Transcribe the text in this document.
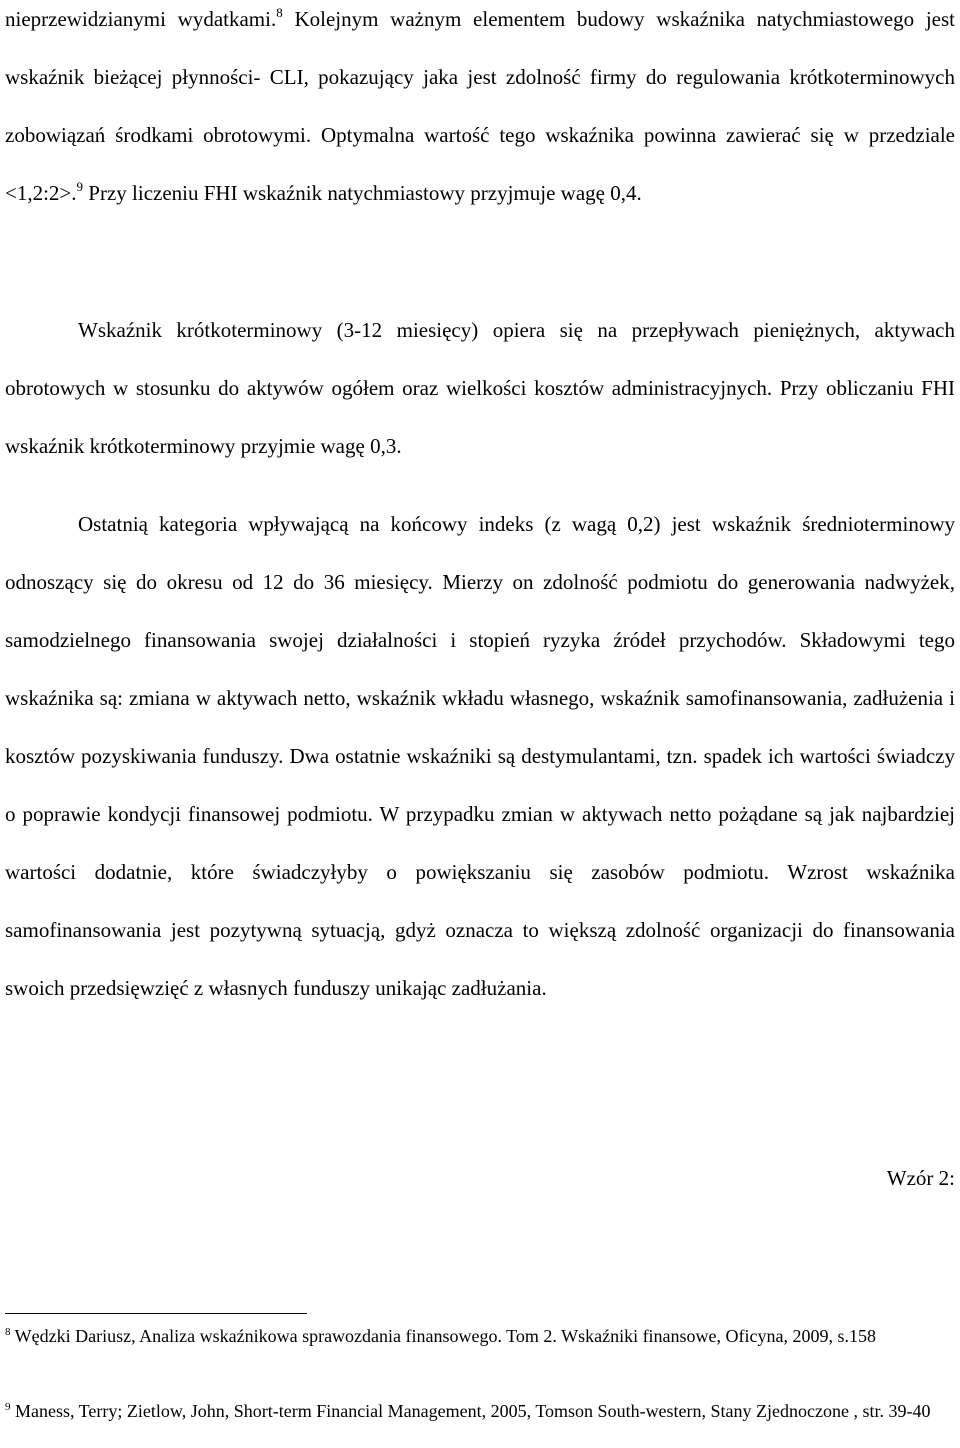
nieprzewidzianymi wydatkami.$^8$ Kolejnym ważnym elementem budowy wskaźnika natychmiastowego jest wskaźnik bieżącej płynności- CLI, pokazujący jaka jest zdolność firmy do regulowania krótkoterminowych zobowiązań środkami obrotowymi. Optymalna wartość tego wskaźnika powinna zawierać się w przedziale <1,2:2>.$^9$ Przy liczeniu FHI wskaźnik natychmiastowy przyjmuje wagę 0,4.

Wskaźnik krótkoterminowy (3-12 miesięcy) opiera się na przepływach pieniężnych, aktywach obrotowych w stosunku do aktywów ogółem oraz wielkości kosztów administracyjnych. Przy obliczaniu FHI wskaźnik krótkoterminowy przyjmie wagę 0,3.

Ostatnią kategoria wpływającą na końcowy indeks (z wagą 0,2) jest wskaźnik średnioterminowy odnoszący się do okresu od 12 do 36 miesięcy. Mierzy on zdolność podmiotu do generowania nadwyżek, samodzielnego finansowania swojej działalności i stopień ryzyka źródeł przychodów. Składowymi tego wskaźnika są: zmiana w aktywach netto, wskaźnik wkładu własnego, wskaźnik samofinansowania, zadłużenia i kosztów pozyskiwania funduszy. Dwa ostatnie wskaźniki są destymulantami, tzn. spadek ich wartości świadczy o poprawie kondycji finansowej podmiotu. W przypadku zmian w aktywach netto pożądane są jak najbardziej wartości dodatnie, które świadczyłyby o powiększaniu się zasobów podmiotu. Wzrost wskaźnika samofinansowania jest pozytywną sytuacją, gdyż oznacza to większą zdolność organizacji do finansowania swoich przedsięwzięć z własnych funduszy unikając zadłużania.

Wzór 2:

$^8$ Wędzki Dariusz, Analiza wskaźnikowa sprawozdania finansowego. Tom 2. Wskaźniki finansowe, Oficyna, 2009, s.158

$^9$ Maness, Terry; Zietlow, John, Short-term Financial Management, 2005, Tomson South-western, Stany Zjednoczone , str. 39-40
